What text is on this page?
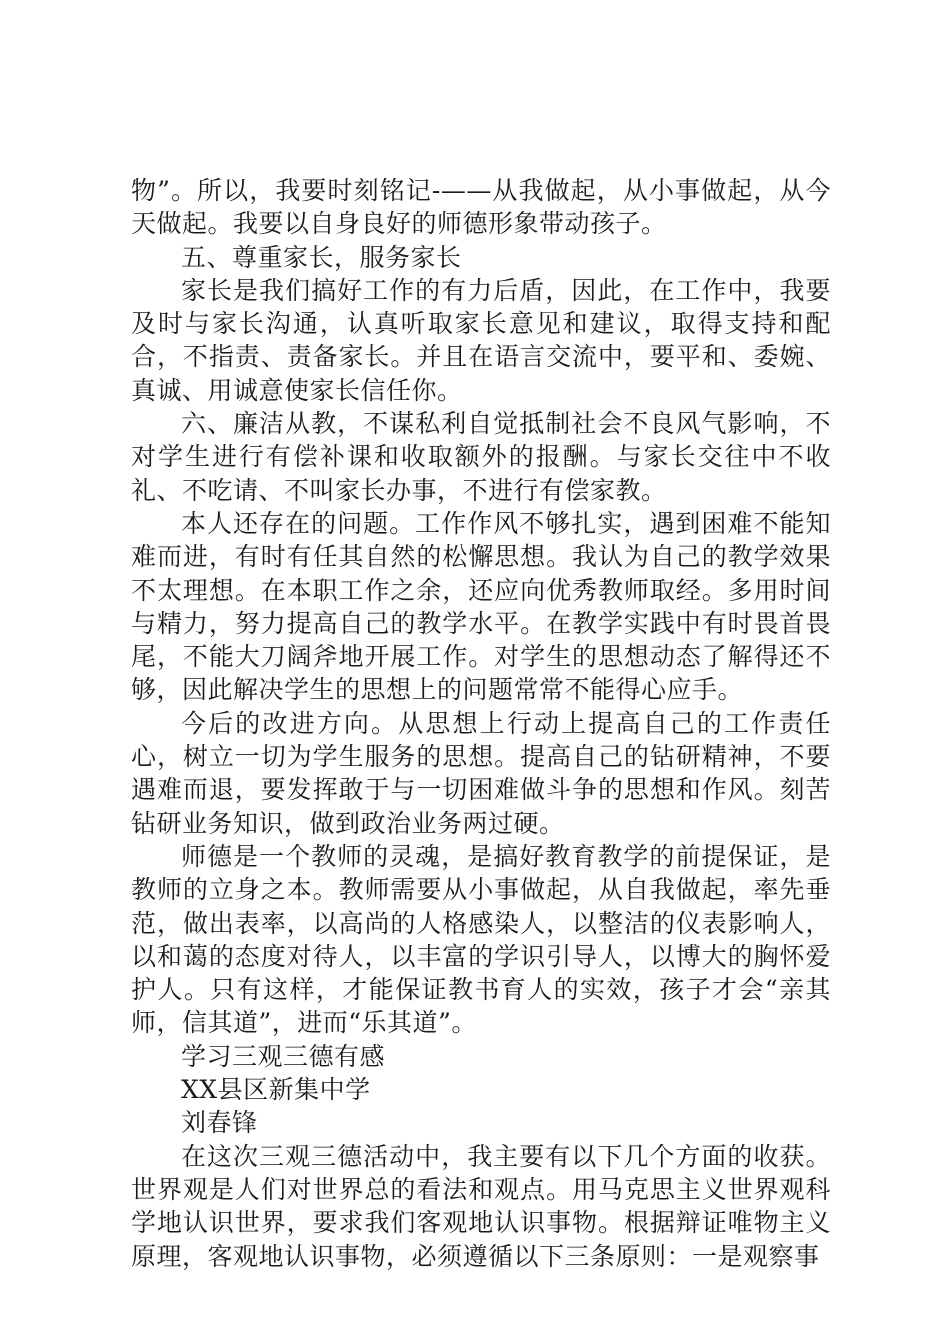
物”。所以，我要时刻铭记-——从我做起，从小事做起，从今天做起。我要以自身良好的师德形象带动孩子。

五、尊重家长，服务家长

家长是我们搞好工作的有力后盾，因此，在工作中，我要及时与家长沟通，认真听取家长意见和建议，取得支持和配合，不指责、责备家长。并且在语言交流中，要平和、委婉、真诚、用诚意使家长信任你。

六、廉洁从教，不谋私利自觉抵制社会不良风气影响，不对学生进行有偿补课和收取额外的报酬。与家长交往中不收礼、不吃请、不叫家长办事，不进行有偿家教。

本人还存在的问题。工作作风不够扎实，遇到困难不能知难而进，有时有任其自然的松懈思想。我认为自己的教学效果不太理想。在本职工作之余，还应向优秀教师取经。多用时间与精力，努力提高自己的教学水平。在教学实践中有时畏首畏尾，不能大刀阔斧地开展工作。对学生的思想动态了解得还不够，因此解决学生的思想上的问题常常不能得心应手。

今后的改进方向。从思想上行动上提高自己的工作责任心，树立一切为学生服务的思想。提高自己的钻研精神，不要遇难而退，要发挥敢于与一切困难做斗争的思想和作风。刻苦钻研业务知识，做到政治业务两过硬。

师德是一个教师的灵魂，是搞好教育教学的前提保证，是教师的立身之本。教师需要从小事做起，从自我做起，率先垂范，做出表率，以高尚的人格感染人，以整洁的仪表影响人，以和蔼的态度对待人，以丰富的学识引导人，以博大的胸怀爱护人。只有这样，才能保证教书育人的实效，孩子才会“亲其师，信其道”，进而“乐其道”。

学习三观三德有感

XX县区新集中学

刘春锋

在这次三观三德活动中，我主要有以下几个方面的收获。世界观是人们对世界总的看法和观点。用马克思主义世界观科学地认识世界，要求我们客观地认识事物。根据辩证唯物主义原理，客观地认识事物，必须遵循以下三条原则：一是观察事
